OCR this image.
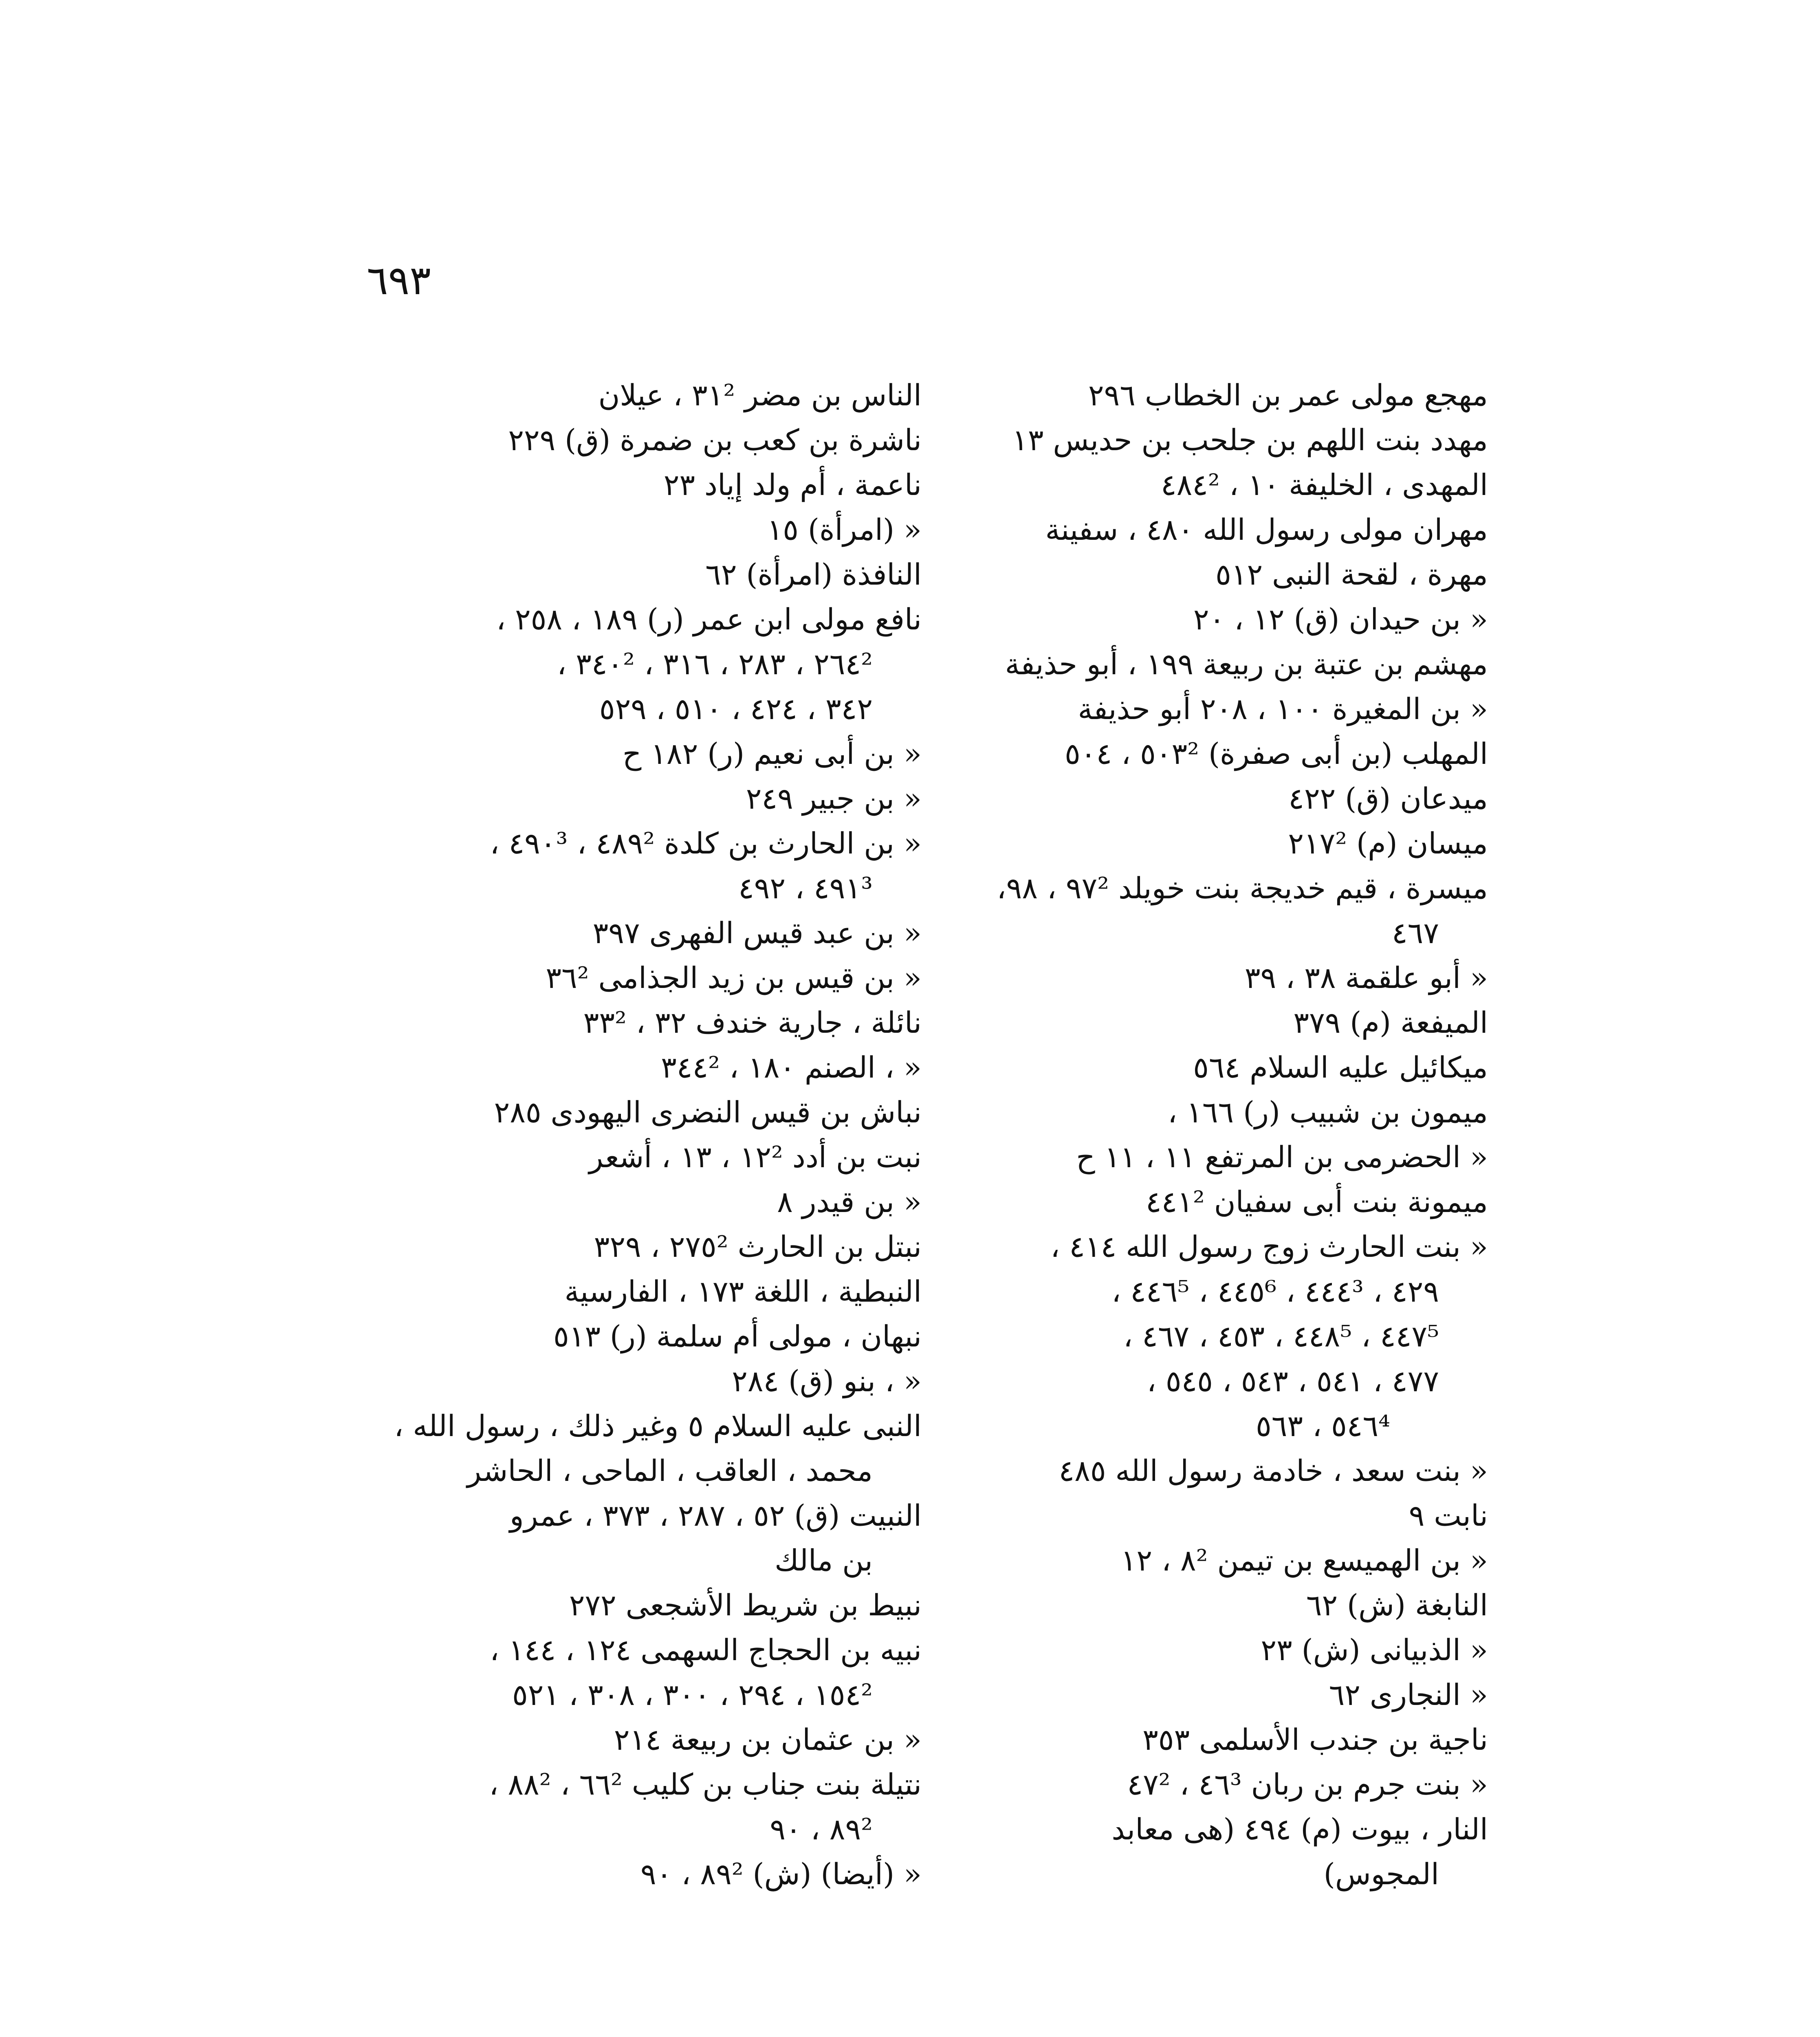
٦٩٣
مهجع مولى عمر بن الخطاب ٢٩٦
مهدد بنت اللهم بن جلحب بن حديس ١٣
المهدى ، الخليفة ١٠ ، ٤٨٤²
مهران مولى رسول الله ٤٨٠ ، سفينة
مهرة ، لقحة النبى ٥١٢
« بن حيدان (ق) ١٢ ، ٢٠
مهشم بن عتبة بن ربيعة ١٩٩ ، أبو حذيفة
« بن المغيرة ١٠٠ ، ٢٠٨ أبو حذيفة
المهلب (بن أبى صفرة) ٥٠٣² ، ٥٠٤
ميدعان (ق) ٤٢٢
ميسان (م) ٢١٧²
ميسرة ، قيم خديجة بنت خويلد ٩٧² ، ٩٨،
٤٦٧
« أبو علقمة ٣٨ ، ٣٩
الميفعة (م) ٣٧٩
ميكائيل عليه السلام ٥٦٤
ميمون بن شبيب (ر) ١٦٦ ،
« الحضرمى بن المرتفع ١١ ، ١١ ح
ميمونة بنت أبى سفيان ٤٤١²
« بنت الحارث زوج رسول الله ٤١٤ ،
٤٢٩ ، ٤٤٤³ ، ٤٤٥⁶ ، ٤٤٦⁵ ،
٤٤٧⁵ ، ٤٤٨⁵ ، ٤٥٣ ، ٤٦٧ ،
٤٧٧ ، ٥٤١ ، ٥٤٣ ، ٥٤٥ ،
٥٤٦⁴ ، ٥٦٣
« بنت سعد ، خادمة رسول الله ٤٨٥
نابت ٩
« بن الهميسع بن تيمن ٨² ، ١٢
النابغة (ش) ٦٢
« الذبيانى (ش) ٢٣
« النجارى ٦٢
ناجية بن جندب الأسلمى ٣٥٣
« بنت جرم بن ربان ٤٦³ ، ٤٧²
النار ، بيوت (م) ٤٩٤ (هى معابد
المجوس)
الناس بن مضر ٣١² ، عيلان
ناشرة بن كعب بن ضمرة (ق) ٢٢٩
ناعمة ، أم ولد إياد ٢٣
« (امرأة) ١٥
النافذة (امرأة) ٦٢
نافع مولى ابن عمر (ر) ١٨٩ ، ٢٥٨ ،
٢٦٤² ، ٢٨٣ ، ٣١٦ ، ٣٤٠² ،
٣٤٢ ، ٤٢٤ ، ٥١٠ ، ٥٢٩
« بن أبى نعيم (ر) ١٨٢ ح
« بن جبير ٢٤٩
« بن الحارث بن كلدة ٤٨٩² ، ٤٩٠³ ،
٤٩١³ ، ٤٩٢
« بن عبد قيس الفهرى ٣٩٧
« بن قيس بن زيد الجذامى ٣٦²
نائلة ، جارية خندف ٣٢ ، ٣٣²
« ، الصنم ١٨٠ ، ٣٤٤²
نباش بن قيس النضرى اليهودى ٢٨٥
نبت بن أدد ١٢² ، ١٣ ، أشعر
« بن قيدر ٨
نبتل بن الحارث ٢٧٥² ، ٣٢٩
النبطية ، اللغة ١٧٣ ، الفارسية
نبهان ، مولى أم سلمة (ر) ٥١٣
« ، بنو (ق) ٢٨٤
النبى عليه السلام ٥ وغير ذلك ، رسول الله ،
محمد ، العاقب ، الماحى ، الحاشر
النبيت (ق) ٥٢ ، ٢٨٧ ، ٣٧٣ ، عمرو
بن مالك
نبيط بن شريط الأشجعى ٢٧٢
نبيه بن الحجاج السهمى ١٢٤ ، ١٤٤ ،
١٥٤² ، ٢٩٤ ، ٣٠٠ ، ٣٠٨ ، ٥٢١
« بن عثمان بن ربيعة ٢١٤
نتيلة بنت جناب بن كليب ٦٦² ، ٨٨² ،
٨٩² ، ٩٠
« (أيضا) (ش) ٨٩² ، ٩٠
